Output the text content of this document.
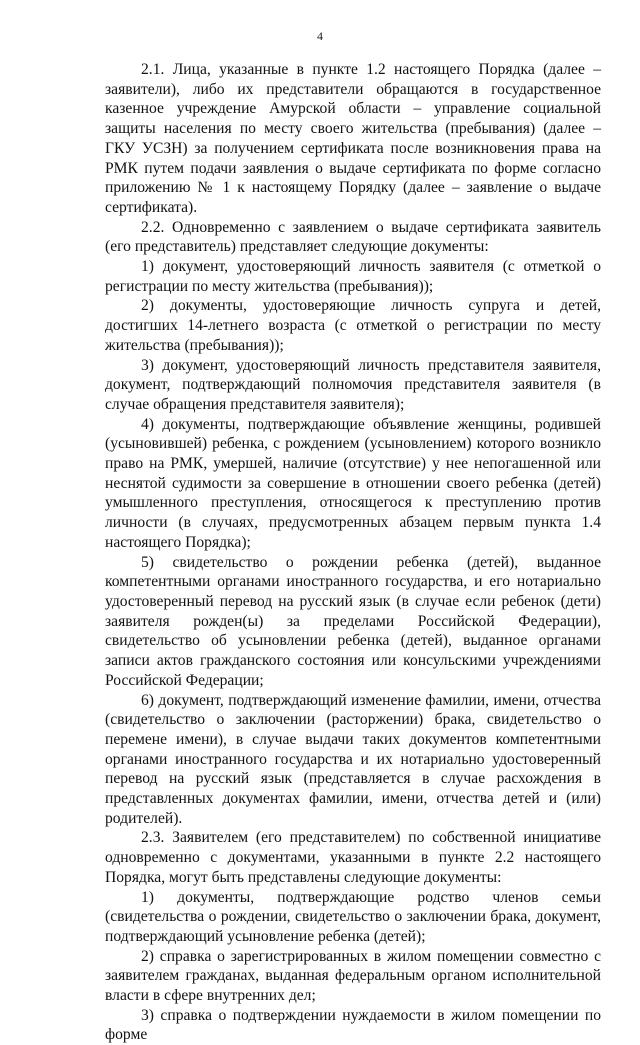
4

2.1. Лица, указанные в пункте 1.2 настоящего Порядка (далее – заявители), либо их представители обращаются в государственное казенное учреждение Амурской области – управление социальной защиты населения по месту своего жительства (пребывания) (далее – ГКУ УСЗН) за получением сертификата после возникновения права на РМК путем подачи заявления о выдаче сертификата по форме согласно приложению № 1 к настоящему Порядку (далее – заявление о выдаче сертификата).

2.2. Одновременно с заявлением о выдаче сертификата заявитель (его представитель) представляет следующие документы:

1) документ, удостоверяющий личность заявителя (с отметкой о регистрации по месту жительства (пребывания));

2) документы, удостоверяющие личность супруга и детей, достигших 14-летнего возраста (с отметкой о регистрации по месту жительства (пребывания));

3) документ, удостоверяющий личность представителя заявителя, документ, подтверждающий полномочия представителя заявителя (в случае обращения представителя заявителя);

4) документы, подтверждающие объявление женщины, родившей (усыновившей) ребенка, с рождением (усыновлением) которого возникло право на РМК, умершей, наличие (отсутствие) у нее непогашенной или неснятой судимости за совершение в отношении своего ребенка (детей) умышленного преступления, относящегося к преступлению против личности (в случаях, предусмотренных абзацем первым пункта 1.4 настоящего Порядка);

5) свидетельство о рождении ребенка (детей), выданное компетентными органами иностранного государства, и его нотариально удостоверенный перевод на русский язык (в случае если ребенок (дети) заявителя рожден(ы) за пределами Российской Федерации), свидетельство об усыновлении ребенка (детей), выданное органами записи актов гражданского состояния или консульскими учреждениями Российской Федерации;

6) документ, подтверждающий изменение фамилии, имени, отчества (свидетельство о заключении (расторжении) брака, свидетельство о перемене имени), в случае выдачи таких документов компетентными органами иностранного государства и их нотариально удостоверенный перевод на русский язык (представляется в случае расхождения в представленных документах фамилии, имени, отчества детей и (или) родителей).

2.3. Заявителем (его представителем) по собственной инициативе одновременно с документами, указанными в пункте 2.2 настоящего Порядка, могут быть представлены следующие документы:

1) документы, подтверждающие родство членов семьи (свидетельства о рождении, свидетельство о заключении брака, документ, подтверждающий усыновление ребенка (детей);

2) справка о зарегистрированных в жилом помещении совместно с заявителем гражданах, выданная федеральным органом исполнительной власти в сфере внутренних дел;

3) справка о подтверждении нуждаемости в жилом помещении по форме
